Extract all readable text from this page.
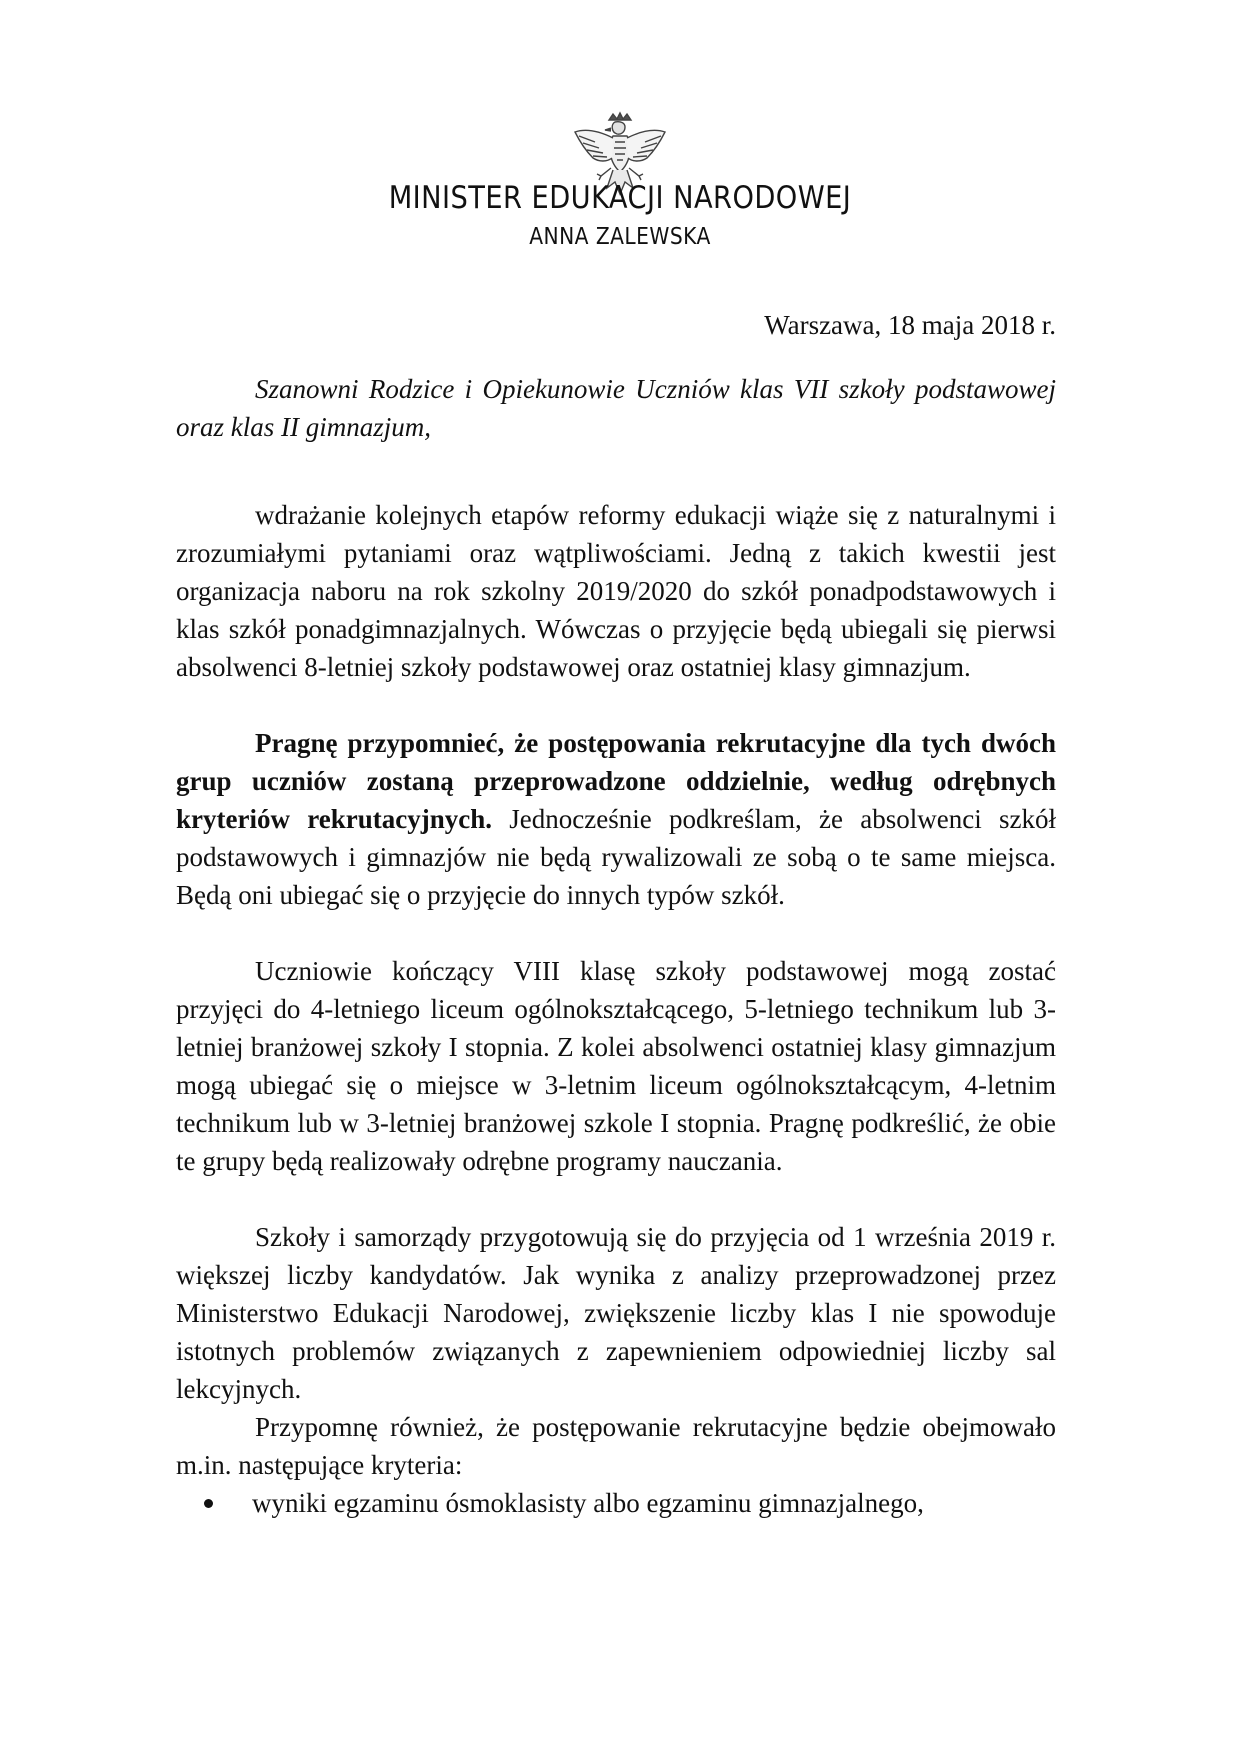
MINISTER EDUKACJI NARODOWEJ
ANNA ZALEWSKA
Warszawa, 18 maja 2018 r.

Szanowni Rodzice i Opiekunowie Uczniów klas VII szkoły podstawowej oraz klas II gimnazjum,

wdrażanie kolejnych etapów reformy edukacji wiąże się z naturalnymi i zrozumiałymi pytaniami oraz wątpliwościami. Jedną z takich kwestii jest organizacja naboru na rok szkolny 2019/2020 do szkół ponadpodstawowych i klas szkół ponadgimnazjalnych. Wówczas o przyjęcie będą ubiegali się pierwsi absolwenci 8-letniej szkoły podstawowej oraz ostatniej klasy gimnazjum.

Pragnę przypomnieć, że postępowania rekrutacyjne dla tych dwóch grup uczniów zostaną przeprowadzone oddzielnie, według odrębnych kryteriów rekrutacyjnych. Jednocześnie podkreślam, że absolwenci szkół podstawowych i gimnazjów nie będą rywalizowali ze sobą o te same miejsca. Będą oni ubiegać się o przyjęcie do innych typów szkół.

Uczniowie kończący VIII klasę szkoły podstawowej mogą zostać przyjęci do 4-letniego liceum ogólnokształcącego, 5-letniego technikum lub 3-letniej branżowej szkoły I stopnia. Z kolei absolwenci ostatniej klasy gimnazjum mogą ubiegać się o miejsce w 3-letnim liceum ogólnokształcącym, 4-letnim technikum lub w 3-letniej branżowej szkole I stopnia. Pragnę podkreślić, że obie te grupy będą realizowały odrębne programy nauczania.

Szkoły i samorządy przygotowują się do przyjęcia od 1 września 2019 r. większej liczby kandydatów. Jak wynika z analizy przeprowadzonej przez Ministerstwo Edukacji Narodowej, zwiększenie liczby klas I nie spowoduje istotnych problemów związanych z zapewnieniem odpowiedniej liczby sal lekcyjnych.

Przypomnę również, że postępowanie rekrutacyjne będzie obejmowało m.in. następujące kryteria:

wyniki egzaminu ósmoklasisty albo egzaminu gimnazjalnego,
